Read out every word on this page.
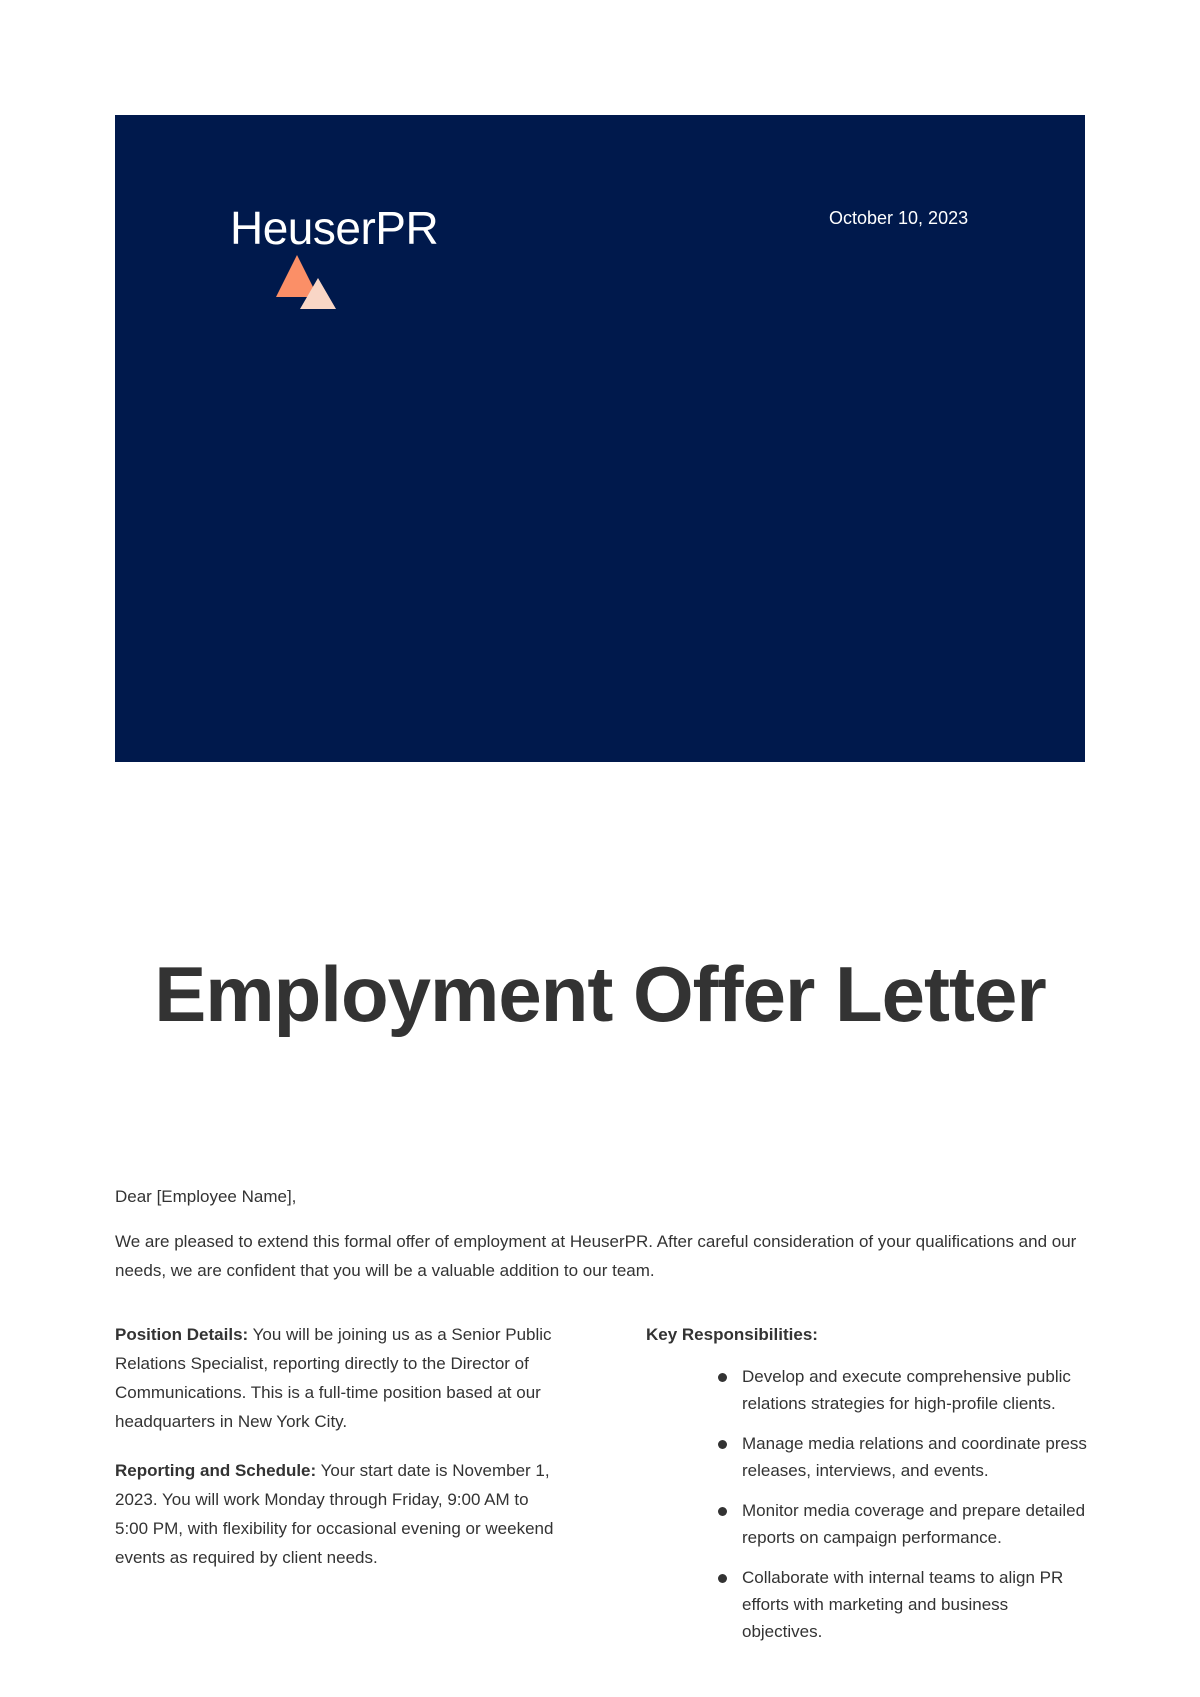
HeuserPR	October 10, 2023
Employment Offer Letter

Dear [Employee Name],

We are pleased to extend this formal offer of employment at HeuserPR. After careful consideration of your qualifications and our needs, we are confident that you will be a valuable addition to our team.

Position Details: You will be joining us as a Senior Public Relations Specialist, reporting directly to the Director of Communications. This is a full-time position based at our headquarters in New York City.

Reporting and Schedule: Your start date is November 1, 2023. You will work Monday through Friday, 9:00 AM to 5:00 PM, with flexibility for occasional evening or weekend events as required by client needs.

Key Responsibilities:
Develop and execute comprehensive public relations strategies for high-profile clients.
Manage media relations and coordinate press releases, interviews, and events.
Monitor media coverage and prepare detailed reports on campaign performance.
Collaborate with internal teams to align PR efforts with marketing and business objectives.
